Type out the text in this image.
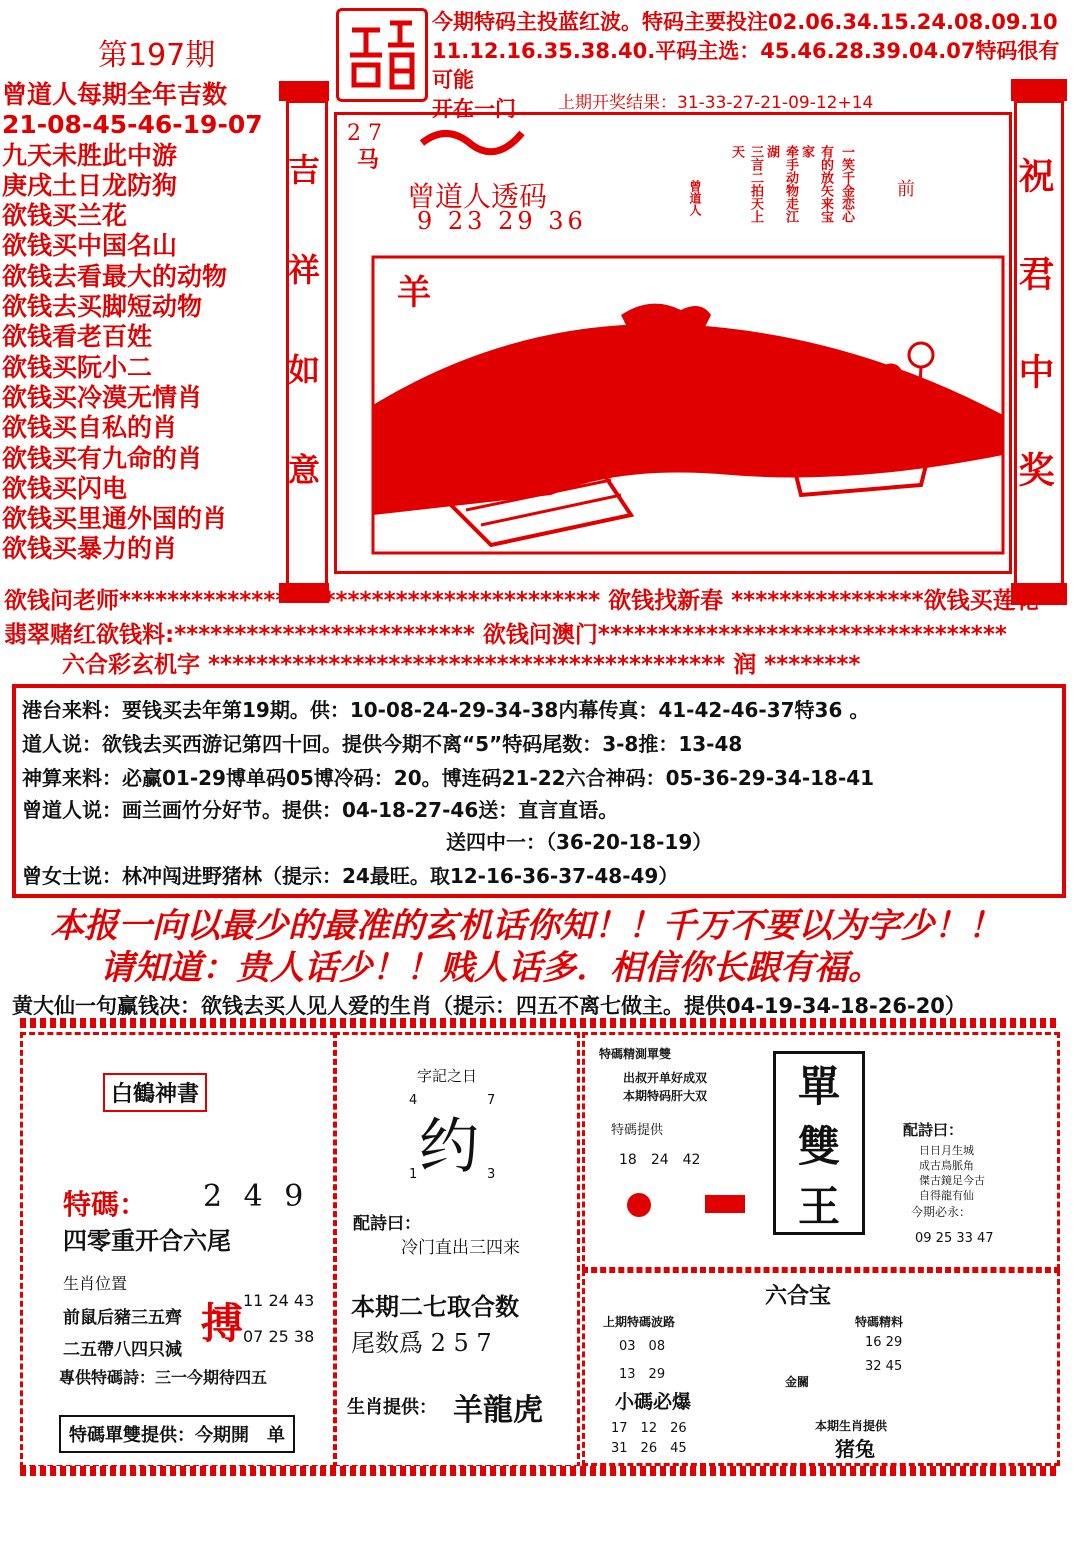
第197期
今期特码主投蓝红波。特码主要投注02.06.34.15.24.08.09.10
11.12.16.35.38.40.平码主选：45.46.28.39.04.07特码很有可能
开在一门	上期开奖结果：31-33-27-21-09-12+14
曾道人每期全年吉数
21-08-45-46-19-07
九天未胜此中游
庚戌土日龙防狗
欲钱买兰花
欲钱买中国名山
欲钱去看最大的动物
欲钱去买脚短动物
欲钱看老百姓
欲钱买阮小二
欲钱买冷漠无情肖
欲钱买自私的肖
欲钱买有九命的肖
欲钱买闪电
欲钱买里通外国的肖
欲钱买暴力的肖	吉祥如意	祝君中奖
2 7
马
曾道人透码
9 23 29 36
曾道人	三言二拍天上天	牵手动物走江湖	有的放矢来宝家	一笑千金恋心 前
羊
欲钱问老师**************************************** 欲钱找新春 ****************欲钱买莲花
翡翠赌红欲钱料:************************* 欲钱问澳门**********************************
六合彩玄机字 ******************************************* 润 ********
港台来料：要钱买去年第19期。供：10-08-24-29-34-38内幕传真：41-42-46-37特36 。
道人说：欲钱去买西游记第四十回。提供今期不离“5”特码尾数：3-8推：13-48
神算来料：必赢01-29博单码05博冷码：20。博连码21-22六合神码：05-36-29-34-18-41
曾道人说：画兰画竹分好节。提供：04-18-27-46送：直言直语。
送四中一：（36-20-18-19）
曾女士说：林冲闯进野猪林（提示：24最旺。取12-16-36-37-48-49）
本报一向以最少的最准的玄机话你知！！千万不要以为字少！！
请知道：贵人话少！！贱人话多．相信你长跟有福。
黄大仙一句赢钱决：欲钱去买人见人爱的生肖（提示：四五不离七做主。提供04-19-34-18-26-20）
白鶴神書
特碼： 2 4 9
四零重开合六尾
生肖位置
前鼠后豬三五齊
二五帶八四只減
搏 11 24 43
07 25 38
專供特碼詩：三一今期待四五
特碼單雙提供：今期開　单
字記之日
4	7
1	3
约
配詩曰：
冷门直出三四来
本期二七取合数
尾数爲 2 5 7
生肖提供： 羊龍虎
特碼精測單雙
出叔开单好成双
本期特码肝大双
特碼提供
18　24　42
單
雙
王
配詩曰：
日日月生城
成古鳥脈角
傑古鏡足今古
自得龍有仙
今期必永：
09 25 33 47
六合宝
上期特碼波路
03　08
13　29
特碼精料
16 29
32 45
金關
小碼必爆
17　12　26
31　26　45
本期生肖提供
猪兔
